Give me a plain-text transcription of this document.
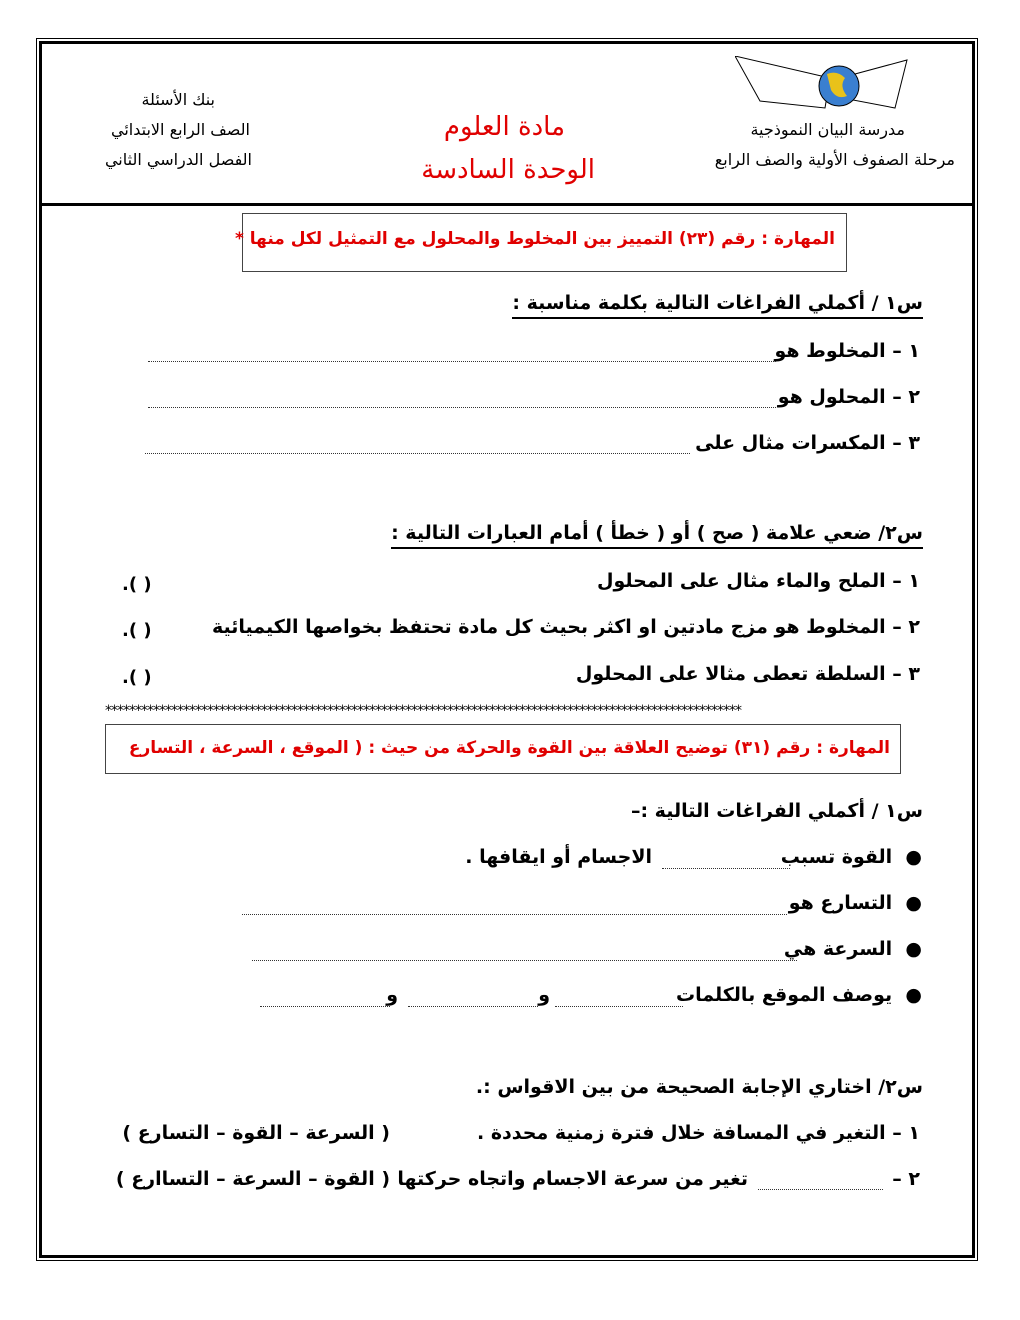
مدرسة البيان النموذجية
مرحلة الصفوف الأولية والصف الرابع
مادة العلوم
الوحدة السادسة
بنك الأسئلة
الصف الرابع الابتدائي
الفصل الدراسي الثاني
المهارة : رقم (٢٣) التمييز بين المخلوط والمحلول مع التمثيل لكل منها *
س١ / أكملي الفراغات التالية بكلمة مناسبة :
١ – المخلوط هو
٢ – المحلول هو
٣ – المكسرات مثال على
س٢/ ضعي علامة ( صح ) أو ( خطأ ) أمام العبارات التالية :
١ – الملح والماء مثال على المحلول
.( )
٢ – المخلوط هو مزج مادتين او اكثر بحيث كل مادة تحتفظ بخواصها الكيميائية
.( )
٣ – السلطة تعطى مثالا على المحلول
.( )
**********************************************************************************************************
المهارة : رقم (٣١) توضيح العلاقة بين القوة والحركة من حيث : ( الموقع ، السرعة ، التسارع
س١ / أكملي الفراغات التالية :–
●  القوة تسبب
الاجسام أو ايقافها .
●  التسارع هو
●  السرعة هي
●  يوصف الموقع بالكلمات
و
و
س٢/ اختاري الإجابة الصحيحة من بين الاقواس :.
١ – التغير في المسافة خلال فترة زمنية محددة .
( السرعة – القوة – التسارع )
٢ –
تغير من سرعة الاجسام واتجاه حركتها
( القوة – السرعة – التساارع )
